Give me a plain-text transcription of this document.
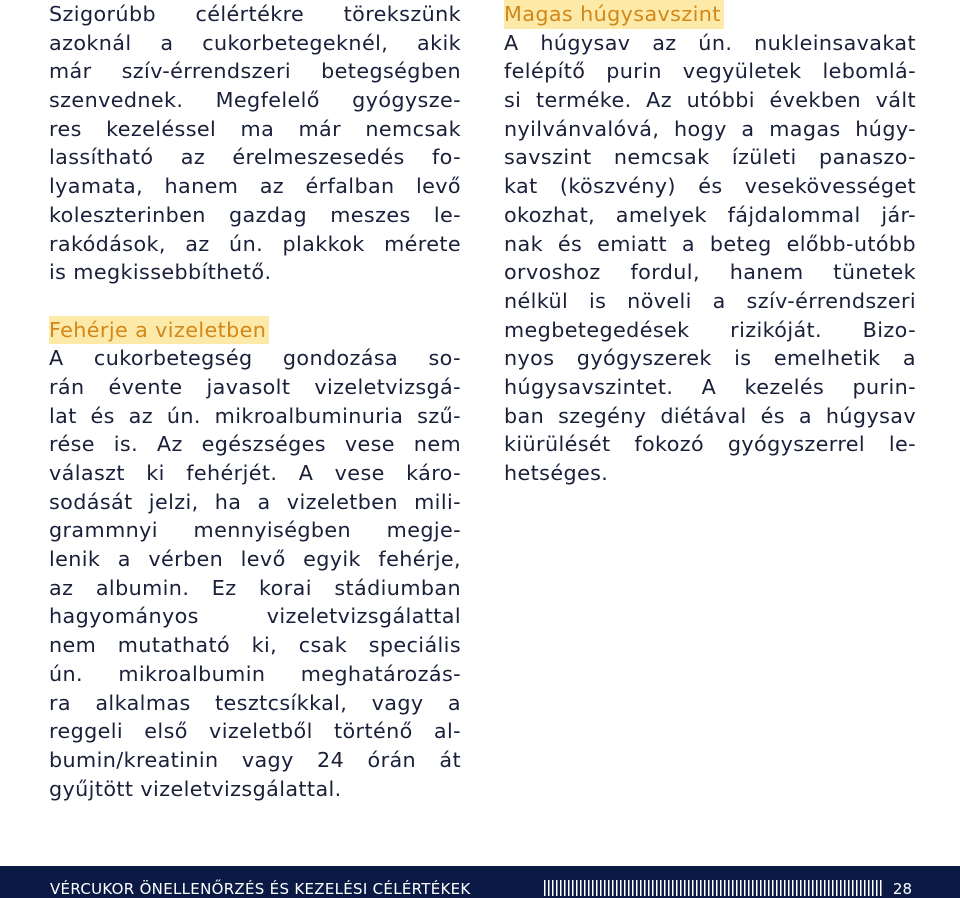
Szigorúbb célértékre törekszünk
azoknál a cukorbetegeknél, akik
már szív-érrendszeri betegségben
szenvednek. Megfelelő gyógysze-
res kezeléssel ma már nemcsak
lassítható az érelmeszesedés fo-
lyamata, hanem az érfalban levő
koleszterinben gazdag meszes le-
rakódások, az ún. plakkok mérete
is megkissebbíthető.
Fehérje a vizeletben
A cukorbetegség gondozása so-
rán évente javasolt vizeletvizsgá-
lat és az ún. mikroalbuminuria szű-
rése is. Az egészséges vese nem
választ ki fehérjét. A vese káro-
sodását jelzi, ha a vizeletben mili-
grammnyi mennyiségben megje-
lenik a vérben levő egyik fehérje,
az albumin. Ez korai stádiumban
hagyományos vizeletvizsgálattal
nem mutatható ki, csak speciális
ún. mikroalbumin meghatározás-
ra alkalmas tesztcsíkkal, vagy a
reggeli első vizeletből történő al-
bumin/kreatinin vagy 24 órán át
gyűjtött vizeletvizsgálattal.
Magas húgysavszint
A húgysav az ún. nukleinsavakat
felépítő purin vegyületek lebomlá-
si terméke. Az utóbbi években vált
nyilvánvalóvá, hogy a magas húgy-
savszint nemcsak ízületi panaszo-
kat (köszvény) és vesekövességet
okozhat, amelyek fájdalommal jár-
nak és emiatt a beteg előbb-utóbb
orvoshoz fordul, hanem tünetek
nélkül is növeli a szív-érrendszeri
megbetegedések rizikóját. Bizo-
nyos gyógyszerek is emelhetik a
húgysavszintet. A kezelés purin-
ban szegény diétával és a húgysav
kiürülését fokozó gyógyszerrel le-
hetséges.
VÉRCUKOR ÖNELLENŐRZÉS ÉS KEZELÉSI CÉLÉRTÉKEK	28
